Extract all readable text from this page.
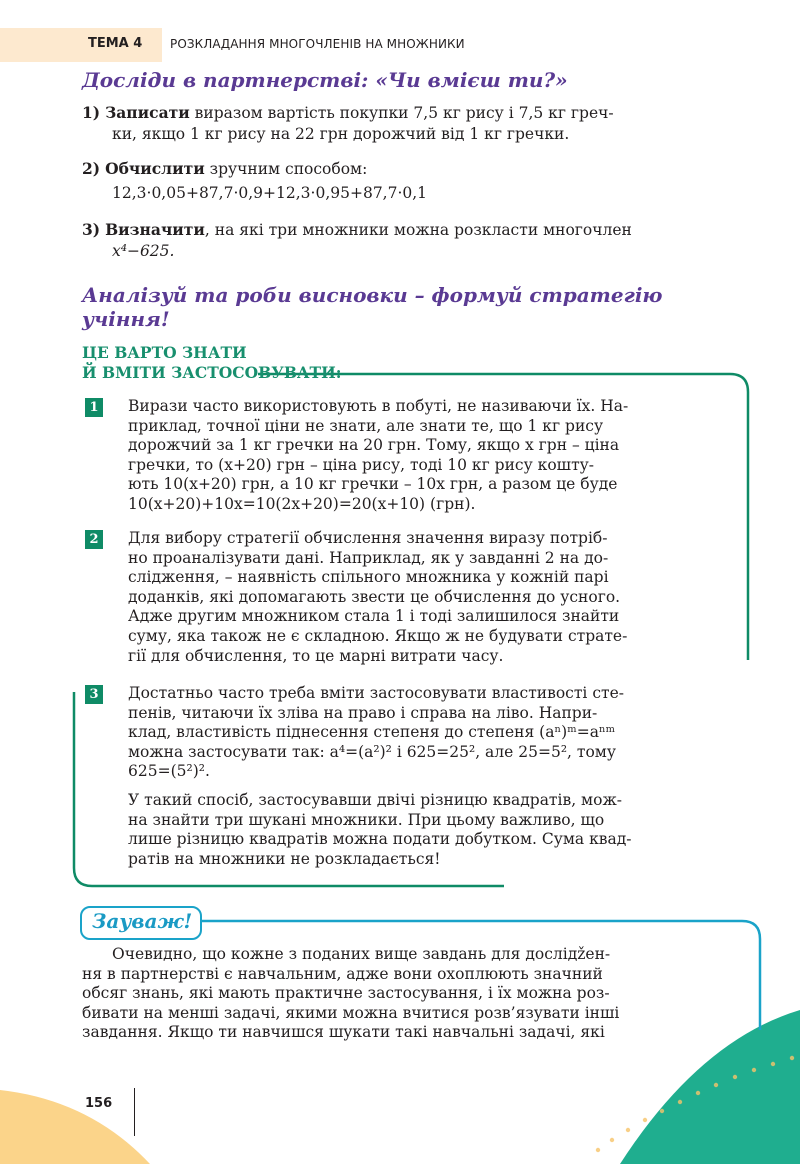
ТЕМА 4 РОЗКЛАДАННЯ МНОГОЧЛЕНІВ НА МНОЖНИКИ
Досліди в партнерстві: «Чи вмієш ти?»
1) Записати виразом вартість покупки 7,5 кг рису і 7,5 кг греч-
ки, якщо 1 кг рису на 22 грн дорожчий від 1 кг гречки.
2) Обчислити зручним способом:
12,3·0,05+87,7·0,9+12,3·0,95+87,7·0,1
3) Визначити, на які три множники можна розкласти многочлен
x⁴−625.
Аналізуй та роби висновки – формуй стратегію
учіння!
ЦЕ ВАРТО ЗНАТИ
Й ВМІТИ ЗАСТОСОВУВАТИ:
1 Вирази часто використовують в побуті, не називаючи їх. На-
приклад, точної ціни не знати, але знати те, що 1 кг рису
дорожчий за 1 кг гречки на 20 грн. Тому, якщо x грн – ціна
гречки, то (x+20) грн – ціна рису, тоді 10 кг рису кошту-
ють 10(x+20) грн, а 10 кг гречки – 10x грн, а разом це буде
10(x+20)+10x=10(2x+20)=20(x+10) (грн).
2 Для вибору стратегії обчислення значення виразу потріб-
но проаналізувати дані. Наприклад, як у завданні 2 на до-
слідження, – наявність спільного множника у кожній парі
доданків, які допомагають звести це обчислення до усного.
Адже другим множником стала 1 і тоді залишилося знайти
суму, яка також не є складною. Якщо ж не будувати страте-
гії для обчислення, то це марні витрати часу.
3 Достатньо часто треба вміти застосовувати властивості сте-
пенів, читаючи їх зліва на право і справа на ліво. Напри-
клад, властивість піднесення степеня до степеня (aⁿ)ᵐ=aⁿᵐ
можна застосувати так: a⁴=(a²)² і 625=25², але 25=5², тому
625=(5²)².
У такий спосіб, застосувавши двічі різницю квадратів, мож-
на знайти три шукані множники. При цьому важливо, що
лише різницю квадратів можна подати добутком. Сума квад-
ратів на множники не розкладається!
Зауваж!
Очевидно, що кожне з поданих вище завдань для дослідžен-
ня в партнерстві є навчальним, адже вони охоплюють значний
обсяг знань, які мають практичне застосування, і їх можна роз-
бивати на менші задачі, якими можна вчитися розв’язувати інші
завдання. Якщо ти навчишся шукати такі навчальні задачі, які
156
